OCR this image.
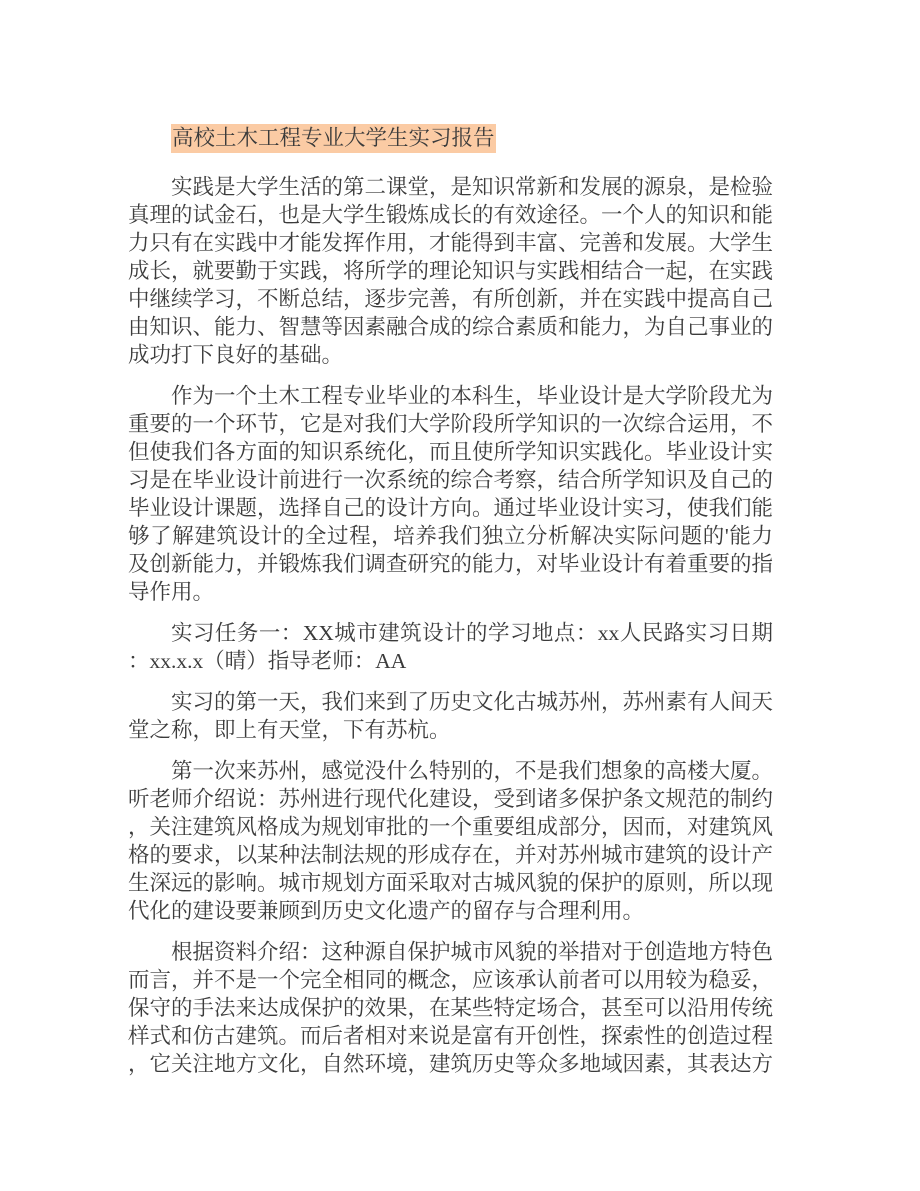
高校土木工程专业大学生实习报告

实践是大学生活的第二课堂，是知识常新和发展的源泉，是检验真理的试金石，也是大学生锻炼成长的有效途径。一个人的知识和能力只有在实践中才能发挥作用，才能得到丰富、完善和发展。大学生成长，就要勤于实践，将所学的理论知识与实践相结合一起，在实践中继续学习，不断总结，逐步完善，有所创新，并在实践中提高自己由知识、能力、智慧等因素融合成的综合素质和能力，为自己事业的成功打下良好的基础。

作为一个土木工程专业毕业的本科生，毕业设计是大学阶段尤为重要的一个环节，它是对我们大学阶段所学知识的一次综合运用，不但使我们各方面的知识系统化，而且使所学知识实践化。毕业设计实习是在毕业设计前进行一次系统的综合考察，结合所学知识及自己的毕业设计课题，选择自己的设计方向。通过毕业设计实习，使我们能够了解建筑设计的全过程，培养我们独立分析解决实际问题的'能力及创新能力，并锻炼我们调查研究的能力，对毕业设计有着重要的指导作用。

实习任务一：XX城市建筑设计的学习地点：xx人民路实习日期：xx.x.x（晴）指导老师：AA

实习的第一天，我们来到了历史文化古城苏州，苏州素有人间天堂之称，即上有天堂，下有苏杭。

第一次来苏州，感觉没什么特别的，不是我们想象的高楼大厦。听老师介绍说：苏州进行现代化建设，受到诸多保护条文规范的制约，关注建筑风格成为规划审批的一个重要组成部分，因而，对建筑风格的要求，以某种法制法规的形成存在，并对苏州城市建筑的设计产生深远的影响。城市规划方面采取对古城风貌的保护的原则，所以现代化的建设要兼顾到历史文化遗产的留存与合理利用。

根据资料介绍：这种源自保护城市风貌的举措对于创造地方特色而言，并不是一个完全相同的概念，应该承认前者可以用较为稳妥，保守的手法来达成保护的效果，在某些特定场合，甚至可以沿用传统样式和仿古建筑。而后者相对来说是富有开创性，探索性的创造过程，它关注地方文化，自然环境，建筑历史等众多地域因素，其表达方
